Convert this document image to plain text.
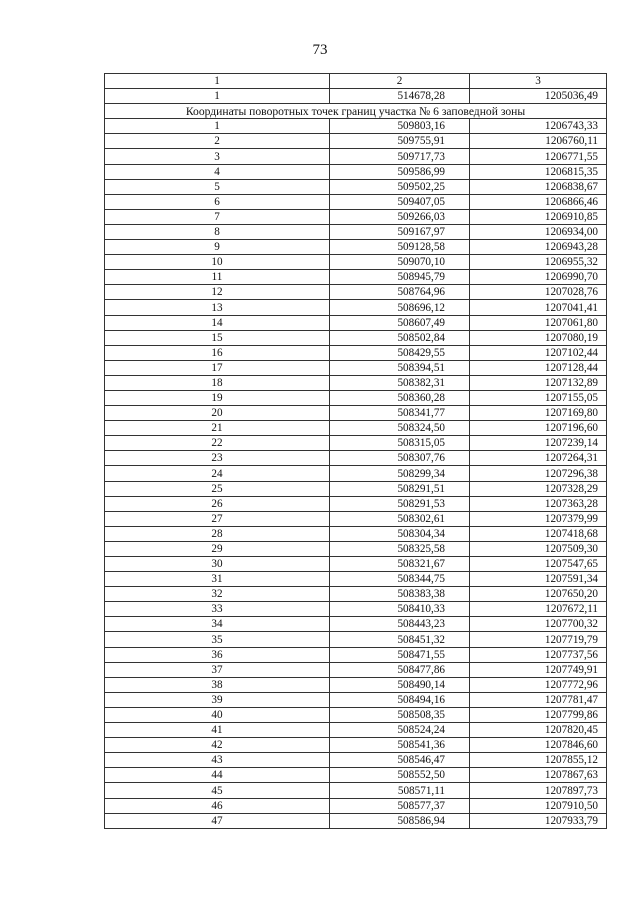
73
1	2	3
1	514678,28	1205036,49
Координаты поворотных точек границ участка № 6 заповедной зоны		
1	509803,16	1206743,33
2	509755,91	1206760,11
3	509717,73	1206771,55
4	509586,99	1206815,35
5	509502,25	1206838,67
6	509407,05	1206866,46
7	509266,03	1206910,85
8	509167,97	1206934,00
9	509128,58	1206943,28
10	509070,10	1206955,32
11	508945,79	1206990,70
12	508764,96	1207028,76
13	508696,12	1207041,41
14	508607,49	1207061,80
15	508502,84	1207080,19
16	508429,55	1207102,44
17	508394,51	1207128,44
18	508382,31	1207132,89
19	508360,28	1207155,05
20	508341,77	1207169,80
21	508324,50	1207196,60
22	508315,05	1207239,14
23	508307,76	1207264,31
24	508299,34	1207296,38
25	508291,51	1207328,29
26	508291,53	1207363,28
27	508302,61	1207379,99
28	508304,34	1207418,68
29	508325,58	1207509,30
30	508321,67	1207547,65
31	508344,75	1207591,34
32	508383,38	1207650,20
33	508410,33	1207672,11
34	508443,23	1207700,32
35	508451,32	1207719,79
36	508471,55	1207737,56
37	508477,86	1207749,91
38	508490,14	1207772,96
39	508494,16	1207781,47
40	508508,35	1207799,86
41	508524,24	1207820,45
42	508541,36	1207846,60
43	508546,47	1207855,12
44	508552,50	1207867,63
45	508571,11	1207897,73
46	508577,37	1207910,50
47	508586,94	1207933,79
